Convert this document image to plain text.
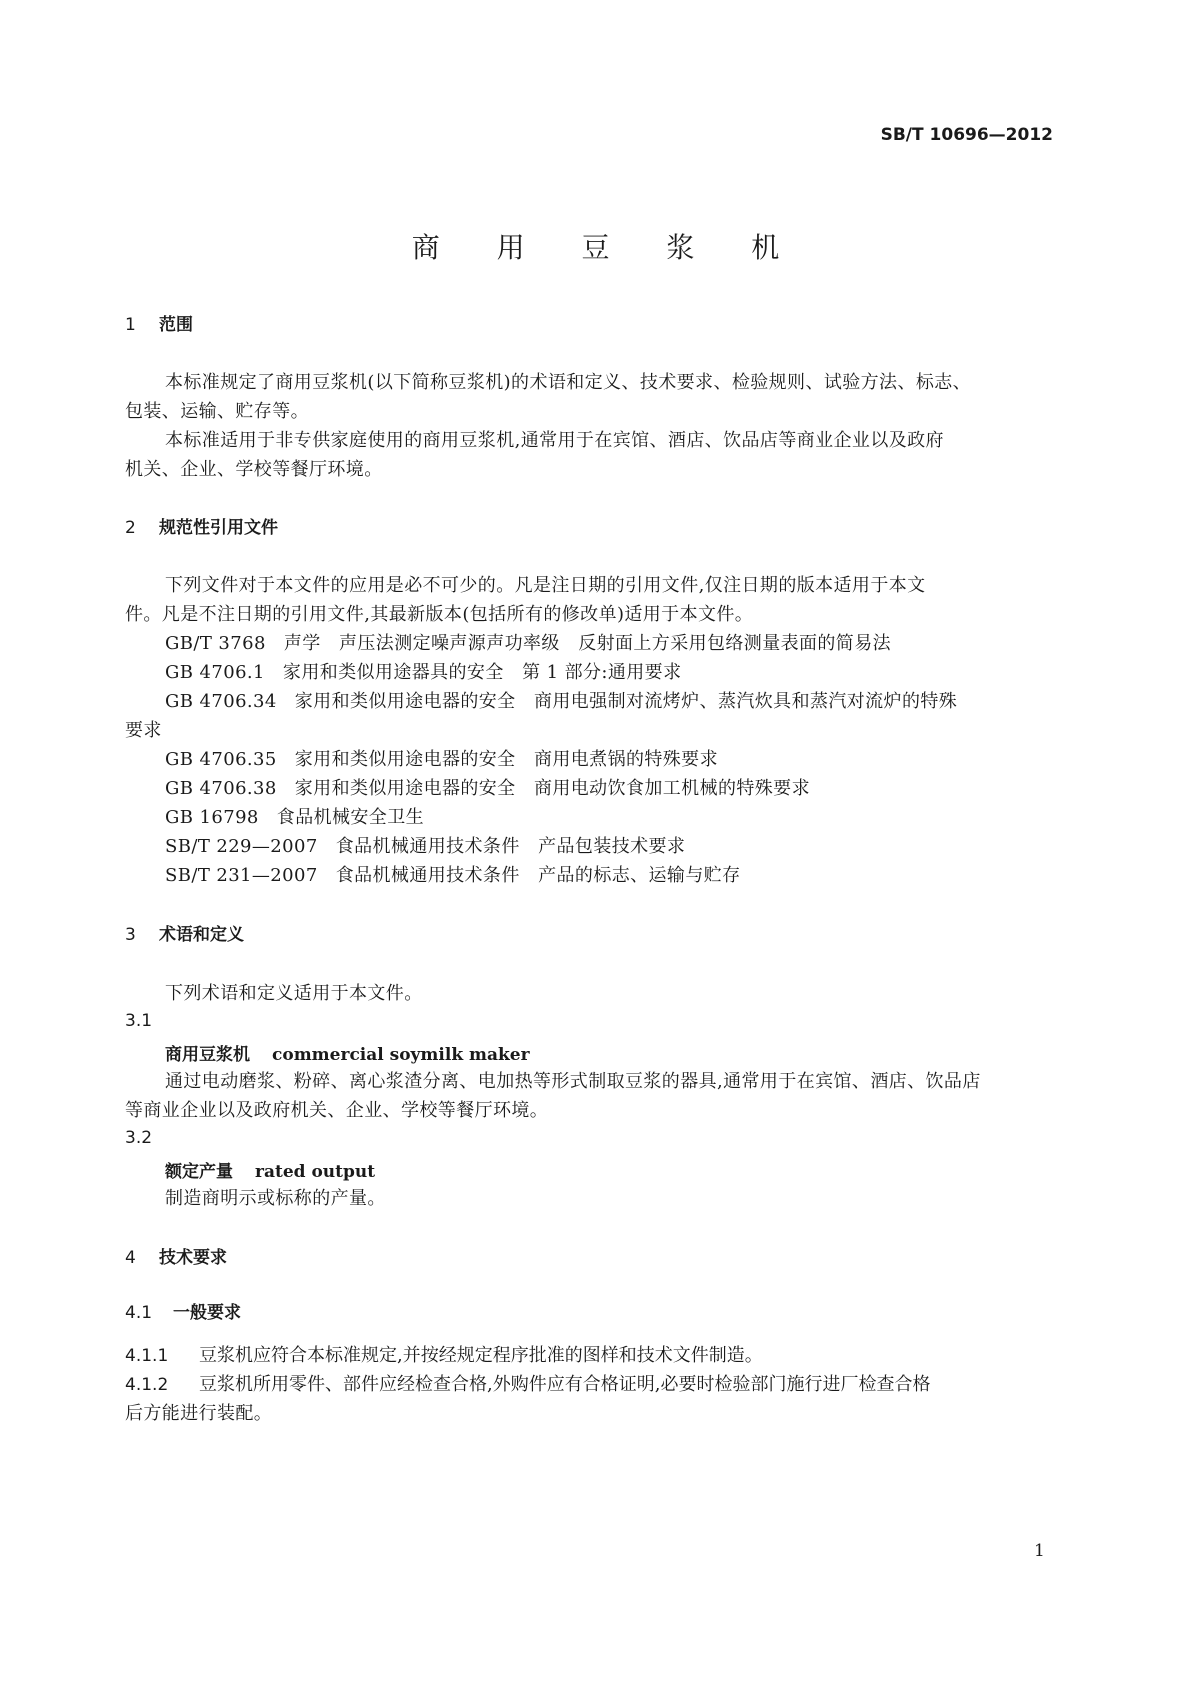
SB/T 10696—2012
商 用 豆 浆 机
1 范围
本标准规定了商用豆浆机(以下简称豆浆机)的术语和定义、技术要求、检验规则、试验方法、标志、
包装、运输、贮存等。
本标准适用于非专供家庭使用的商用豆浆机,通常用于在宾馆、酒店、饮品店等商业企业以及政府
机关、企业、学校等餐厅环境。
2 规范性引用文件
下列文件对于本文件的应用是必不可少的。凡是注日期的引用文件,仅注日期的版本适用于本文
件。凡是不注日期的引用文件,其最新版本(包括所有的修改单)适用于本文件。
GB/T 3768 声学　声压法测定噪声源声功率级　反射面上方采用包络测量表面的简易法
GB 4706.1 家用和类似用途器具的安全　第 1 部分:通用要求
GB 4706.34 家用和类似用途电器的安全　商用电强制对流烤炉、蒸汽炊具和蒸汽对流炉的特殊
要求
GB 4706.35 家用和类似用途电器的安全　商用电煮锅的特殊要求
GB 4706.38 家用和类似用途电器的安全　商用电动饮食加工机械的特殊要求
GB 16798 食品机械安全卫生
SB/T 229—2007 食品机械通用技术条件　产品包装技术要求
SB/T 231—2007 食品机械通用技术条件　产品的标志、运输与贮存
3 术语和定义
下列术语和定义适用于本文件。
3.1
商用豆浆机 commercial soymilk maker
通过电动磨浆、粉碎、离心浆渣分离、电加热等形式制取豆浆的器具,通常用于在宾馆、酒店、饮品店
等商业企业以及政府机关、企业、学校等餐厅环境。
3.2
额定产量 rated output
制造商明示或标称的产量。
4 技术要求
4.1 一般要求
4.1.1 豆浆机应符合本标准规定,并按经规定程序批准的图样和技术文件制造。
4.1.2 豆浆机所用零件、部件应经检查合格,外购件应有合格证明,必要时检验部门施行进厂检查合格
后方能进行装配。
1
